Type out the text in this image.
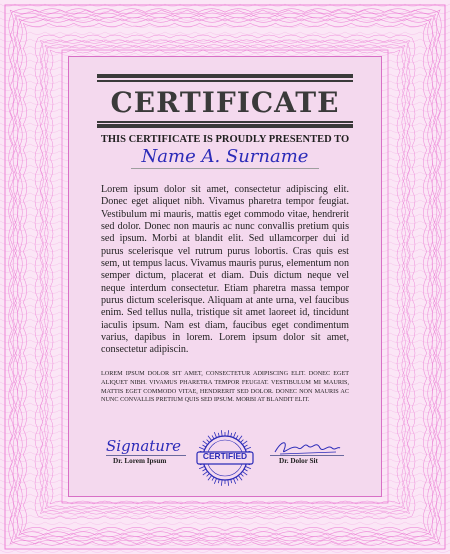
CERTIFICATE
THIS CERTIFICATE IS PROUDLY PRESENTED TO
Name A. Surname
Lorem ipsum dolor sit amet, consectetur adipiscing elit. Donec eget aliquet nibh. Vivamus pharetra tempor feugiat. Vestibulum mi mauris, mattis eget commodo vitae, hendrerit sed dolor. Donec non mauris ac nunc convallis pretium quis sed ipsum. Morbi at blandit elit. Sed ullamcorper dui id purus scelerisque vel rutrum purus lobortis. Cras quis est sem, ut tempus lacus. Vivamus mauris purus, elementum non semper dictum, placerat et diam. Duis dictum neque vel neque interdum consectetur. Etiam pharetra massa tempor purus dictum scelerisque. Aliquam at ante urna, vel faucibus enim. Sed tellus nulla, tristique sit amet laoreet id, tincidunt iaculis ipsum. Nam est diam, faucibus eget condimentum varius, dapibus in lorem. Lorem ipsum dolor sit amet, consectetur adipiscin.
LOREM IPSUM DOLOR SIT AMET, CONSECTETUR ADIPISCING ELIT. DONEC EGET ALIQUET NIBH. VIVAMUS PHARETRA TEMPOR FEUGIAT. VESTIBULUM MI MAURIS, MATTIS EGET COMMODO VITAE, HENDRERIT SED DOLOR. DONEC NON MAURIS AC NUNC CONVALLIS PRETIUM QUIS SED IPSUM. MORBI AT BLANDIT ELIT.
Signature
Dr. Lorem Ipsum	CERTIFIED	Dr. Dolor Sit
